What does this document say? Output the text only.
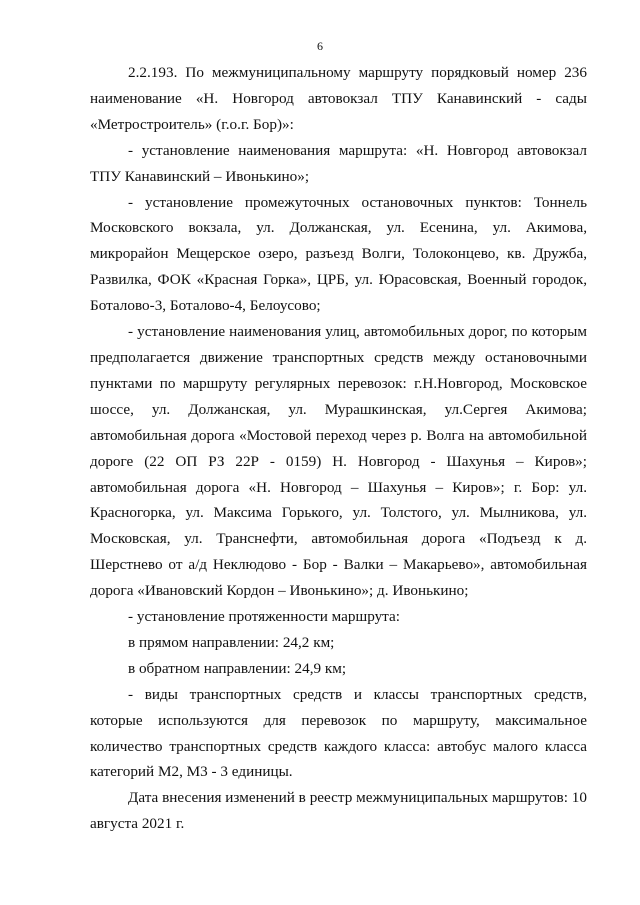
6

2.2.193. По межмуниципальному маршруту порядковый номер 236 наименование «Н. Новгород автовокзал ТПУ Канавинский - сады «Метростроитель» (г.о.г. Бор)»:

- установление наименования маршрута: «Н. Новгород автовокзал ТПУ Канавинский – Ивонькино»;

- установление промежуточных остановочных пунктов: Тоннель Московского вокзала, ул. Должанская, ул. Есенина, ул. Акимова, микрорайон Мещерское озеро, разъезд Волги, Толоконцево, кв. Дружба, Развилка, ФОК «Красная Горка», ЦРБ, ул. Юрасовская, Военный городок, Боталово-3, Боталово-4, Белоусово;

- установление наименования улиц, автомобильных дорог, по которым предполагается движение транспортных средств между остановочными пунктами по маршруту регулярных перевозок: г.Н.Новгород, Московское шоссе, ул. Должанская, ул. Мурашкинская, ул.Сергея Акимова; автомобильная дорога «Мостовой переход через р. Волга на автомобильной дороге (22 ОП РЗ 22Р - 0159) Н. Новгород - Шахунья – Киров»; автомобильная дорога «Н. Новгород – Шахунья – Киров»; г. Бор: ул. Красногорка, ул. Максима Горького, ул. Толстого, ул. Мылникова, ул. Московская, ул. Транснефти, автомобильная дорога «Подъезд к д. Шерстнево от а/д Неклюдово - Бор - Валки – Макарьево», автомобильная дорога «Ивановский Кордон – Ивонькино»; д. Ивонькино;

- установление протяженности маршрута:

в прямом направлении: 24,2 км;

в обратном направлении: 24,9 км;

- виды транспортных средств и классы транспортных средств, которые используются для перевозок по маршруту, максимальное количество транспортных средств каждого класса: автобус малого класса категорий М2, М3 - 3 единицы.

Дата внесения изменений в реестр межмуниципальных маршрутов: 10 августа 2021 г.
